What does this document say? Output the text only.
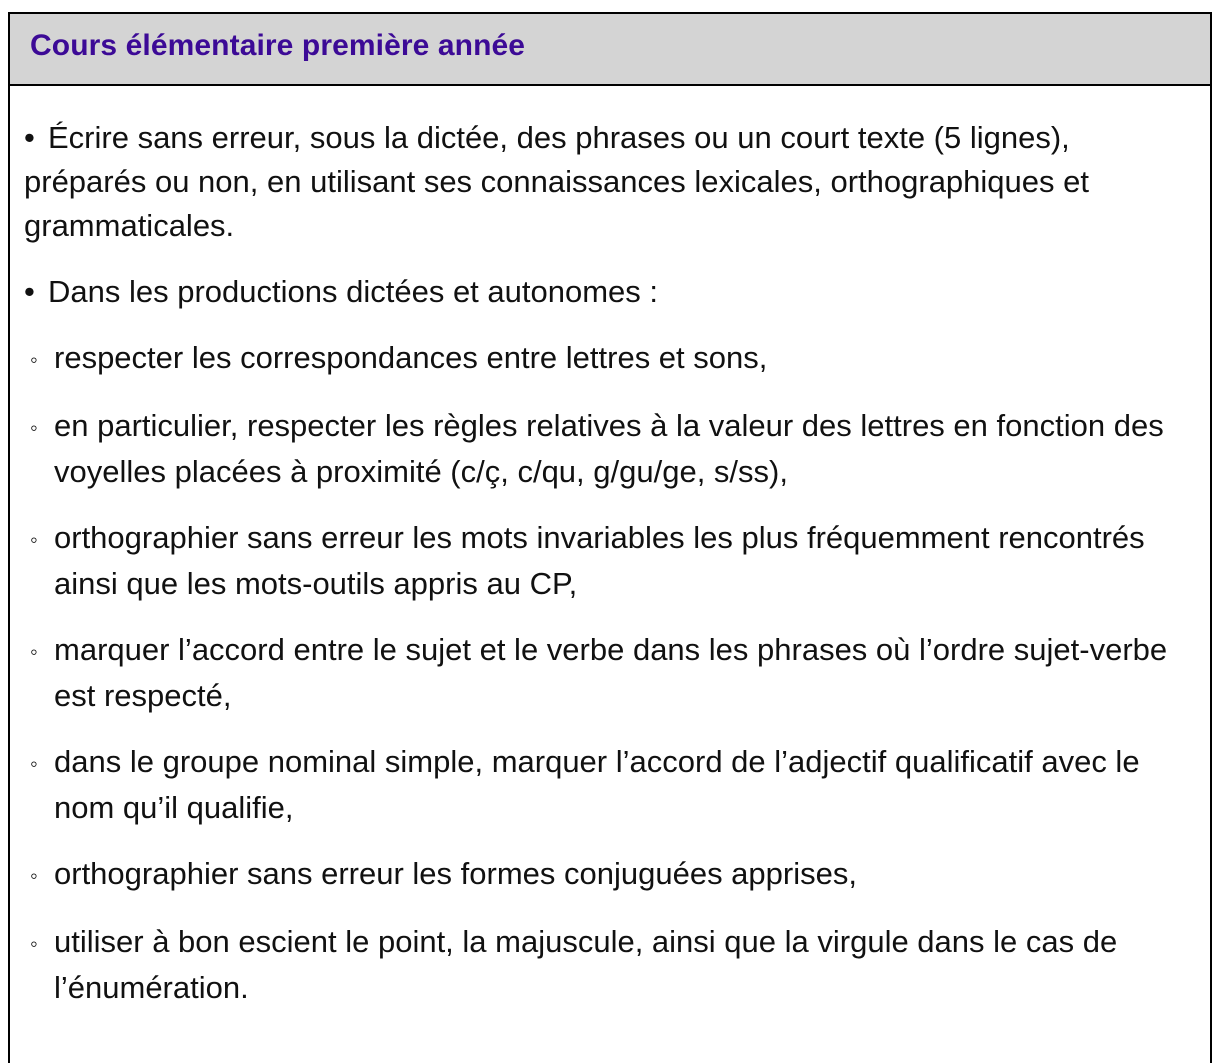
Cours élémentaire première année

• Écrire sans erreur, sous la dictée, des phrases ou un court texte (5 lignes), préparés ou non, en utilisant ses connaissances lexicales, orthographiques et grammaticales.

• Dans les productions dictées et autonomes :

◦ respecter les correspondances entre lettres et sons,

◦ en particulier, respecter les règles relatives à la valeur des lettres en fonction des voyelles placées à proximité (c/ç, c/qu, g/gu/ge, s/ss),

◦ orthographier sans erreur les mots invariables les plus fréquemment rencontrés ainsi que les mots-outils appris au CP,

◦ marquer l’accord entre le sujet et le verbe dans les phrases où l’ordre sujet-verbe est respecté,

◦ dans le groupe nominal simple, marquer l’accord de l’adjectif qualificatif avec le nom qu’il qualifie,

◦ orthographier sans erreur les formes conjuguées apprises,

◦ utiliser à bon escient le point, la majuscule, ainsi que la virgule dans le cas de l’énumération.
